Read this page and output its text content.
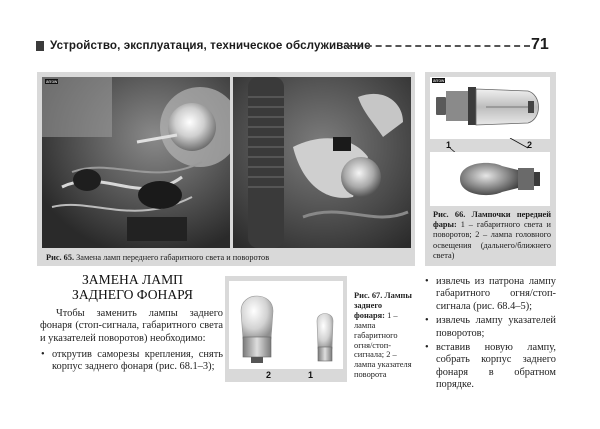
Устройство, эксплуатация, техническое обслуживание	71
arrow
Рис. 65. Замена ламп переднего габаритного света и поворотов
arrow
1	2
Рис. 66. Лампочки передней фары: 1 – габаритного света и поворотов; 2 – лампа головного освещения (дальнего/ближнего света)
ЗАМЕНА ЛАМП
ЗАДНЕГО ФОНАРЯ
Чтобы заменить лампы заднего фонаря (стоп-сигнала, габаритного света и указателей поворотов) необходимо:
• открутив саморезы крепления, снять корпус заднего фонаря (рис. 68.1–3);
2	1
Рис. 67. Лампы заднего фонаря: 1 – лампа габаритного огня/стоп-сигнала; 2 – лампа указателя поворота
• извлечь из патрона лампу габаритного огня/стоп-сигнала (рис. 68.4–5);
• извлечь лампу указателей поворотов;
• вставив новую лампу, собрать корпус заднего фонаря в обратном порядке.
